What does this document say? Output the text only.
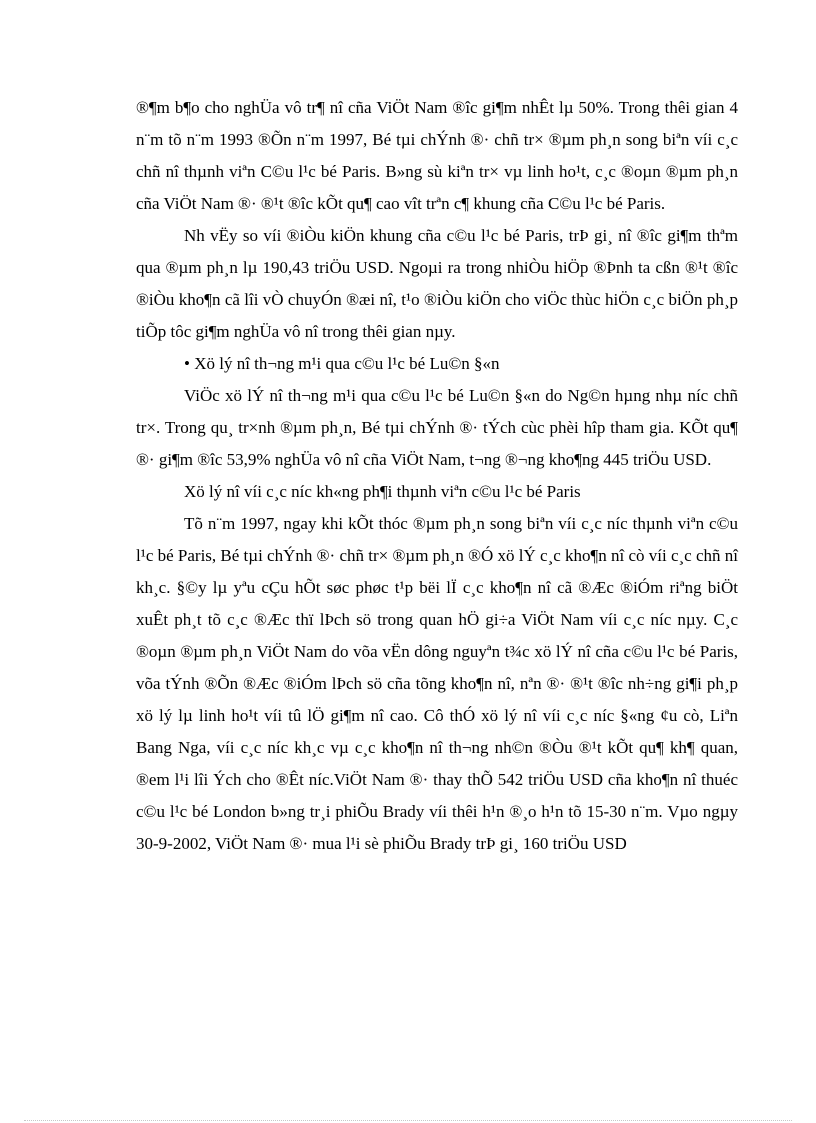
®¶m b¶o cho nghÜa vô tr¶ nî cña ViÖt Nam ®îc gi¶m nhÊt lµ 50%. Trong thêi gian 4 n¨m tõ n¨m 1993 ®Õn n¨m 1997, Bé tµi chÝnh ®· chñ tr× ®µm ph¸n song biªn víi c¸c chñ nî thµnh viªn C©u l¹c bé Paris. B»ng sù kiªn tr× vµ linh ho¹t, c¸c ®oµn ®µm ph¸n cña ViÖt Nam ®· ®¹t ®îc kÕt qu¶ cao vît trªn c¶ khung cña C©u l¹c bé Paris.

Nh vËy so víi ®iÒu kiÖn khung cña c©u l¹c bé Paris, trÞ gi¸ nî ®îc gi¶m thªm qua ®µm ph¸n lµ 190,43 triÖu USD. Ngoµi ra trong nhiÒu hiÖp ®Þnh ta cßn ®¹t ®îc ®iÒu kho¶n cã lîi vÒ chuyÓn ®æi nî, t¹o ®iÒu kiÖn cho viÖc thùc hiÖn c¸c biÖn ph¸p tiÕp tôc gi¶m nghÜa vô nî trong thêi gian nµy.

• Xö lý nî th¬ng m¹i qua c©u l¹c bé Lu©n §«n

ViÖc xö lÝ nî th¬ng m¹i qua c©u l¹c bé Lu©n §«n do Ng©n hµng nhµ níc chñ tr×. Trong qu¸ tr×nh ®µm ph¸n, Bé tµi chÝnh ®· tÝch cùc phèi hîp tham gia. KÕt qu¶ ®· gi¶m ®îc 53,9% nghÜa vô nî cña ViÖt Nam, t¬ng ®¬ng kho¶ng 445 triÖu USD.

Xö lý nî víi c¸c níc kh«ng ph¶i thµnh viªn c©u l¹c bé Paris

Tõ n¨m 1997, ngay khi kÕt thóc ®µm ph¸n song biªn víi c¸c níc thµnh viªn c©u l¹c bé Paris, Bé tµi chÝnh ®· chñ tr× ®µm ph¸n ®Ó xö lÝ c¸c kho¶n nî cò víi c¸c chñ nî kh¸c. §©y lµ yªu cÇu hÕt søc phøc t¹p bëi lÏ c¸c kho¶n nî cã ®Æc ®iÓm riªng biÖt xuÊt ph¸t tõ c¸c ®Æc thï lÞch sö trong quan hÖ gi÷a ViÖt Nam víi c¸c níc nµy. C¸c ®oµn ®µm ph¸n ViÖt Nam do võa vËn dông nguyªn t¾c xö lÝ nî cña c©u l¹c bé Paris, võa tÝnh ®Õn ®Æc ®iÓm lÞch sö cña tõng kho¶n nî, nªn ®· ®¹t ®îc nh÷ng gi¶i ph¸p xö lý lµ linh ho¹t víi tû lÖ gi¶m nî cao. Cô thÓ xö lý nî víi c¸c níc §«ng ¢u cò, Liªn Bang Nga, víi c¸c níc kh¸c vµ c¸c kho¶n nî th¬ng nh©n ®Òu ®¹t kÕt qu¶ kh¶ quan, ®em l¹i lîi Ých cho ®Êt níc.ViÖt Nam ®· thay thÕ 542 triÖu USD cña kho¶n nî thuéc c©u l¹c bé London b»ng tr¸i phiÕu Brady víi thêi h¹n ®¸o h¹n tõ 15-30 n¨m. Vµo ngµy 30-9-2002, ViÖt Nam ®· mua l¹i sè phiÕu Brady trÞ gi¸ 160 triÖu USD
